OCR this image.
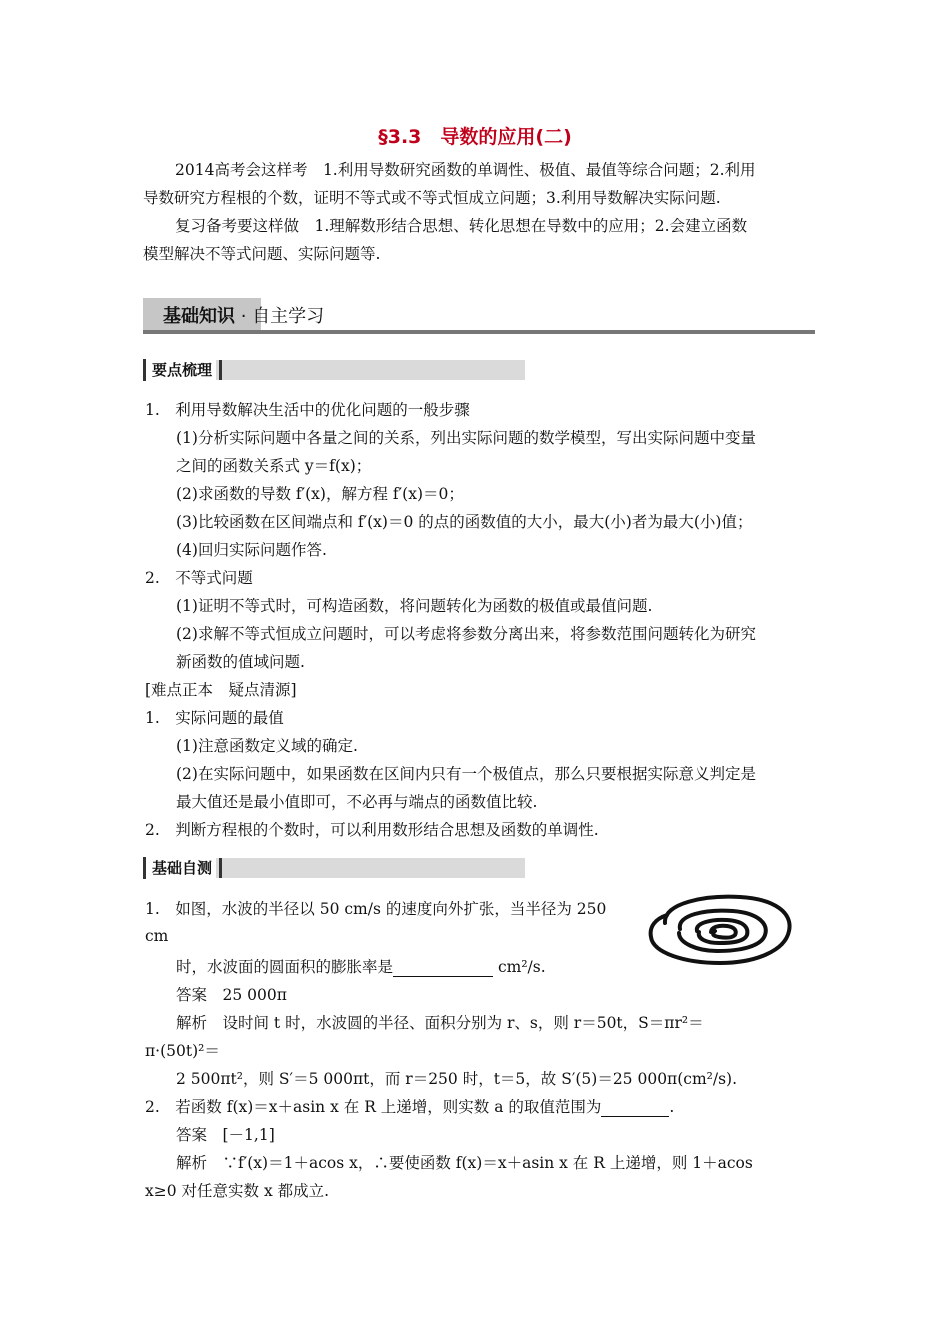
§3.3　导数的应用(二)
2014高考会这样考　1.利用导数研究函数的单调性、极值、最值等综合问题；2.利用
导数研究方程根的个数，证明不等式或不等式恒成立问题；3.利用导数解决实际问题.
复习备考要这样做　1.理解数形结合思想、转化思想在导数中的应用；2.会建立函数
模型解决不等式问题、实际问题等.
基础知识 · 自主学习
要点梳理
1.　利用导数解决生活中的优化问题的一般步骤
(1)分析实际问题中各量之间的关系，列出实际问题的数学模型，写出实际问题中变量
之间的函数关系式 y＝f(x)；
(2)求函数的导数 f′(x)，解方程 f′(x)＝0；
(3)比较函数在区间端点和 f′(x)＝0 的点的函数值的大小，最大(小)者为最大(小)值；
(4)回归实际问题作答.
2.　不等式问题
(1)证明不等式时，可构造函数，将问题转化为函数的极值或最值问题.
(2)求解不等式恒成立问题时，可以考虑将参数分离出来，将参数范围问题转化为研究
新函数的值域问题.
[难点正本　疑点清源]
1.　实际问题的最值
(1)注意函数定义域的确定.
(2)在实际问题中，如果函数在区间内只有一个极值点，那么只要根据实际意义判定是
最大值还是最小值即可，不必再与端点的函数值比较.
2.　判断方程根的个数时，可以利用数形结合思想及函数的单调性.
基础自测
1.　如图，水波的半径以 50 cm/s 的速度向外扩张，当半径为 250
cm
时，水波面的圆面积的膨胀率是	cm²/s.
答案　25 000π
解析　设时间 t 时，水波圆的半径、面积分别为 r、s，则 r＝50t，S＝πr²＝
π·(50t)²＝
2 500πt²，则 S′＝5 000πt，而 r＝250 时，t＝5，故 S′(5)＝25 000π(cm²/s).
2.　若函数 f(x)＝x＋asin x 在 R 上递增，则实数 a 的取值范围为	.
答案　[－1,1]
解析　∵f′(x)＝1＋acos x，∴要使函数 f(x)＝x＋asin x 在 R 上递增，则 1＋acos
x≥0 对任意实数 x 都成立.
